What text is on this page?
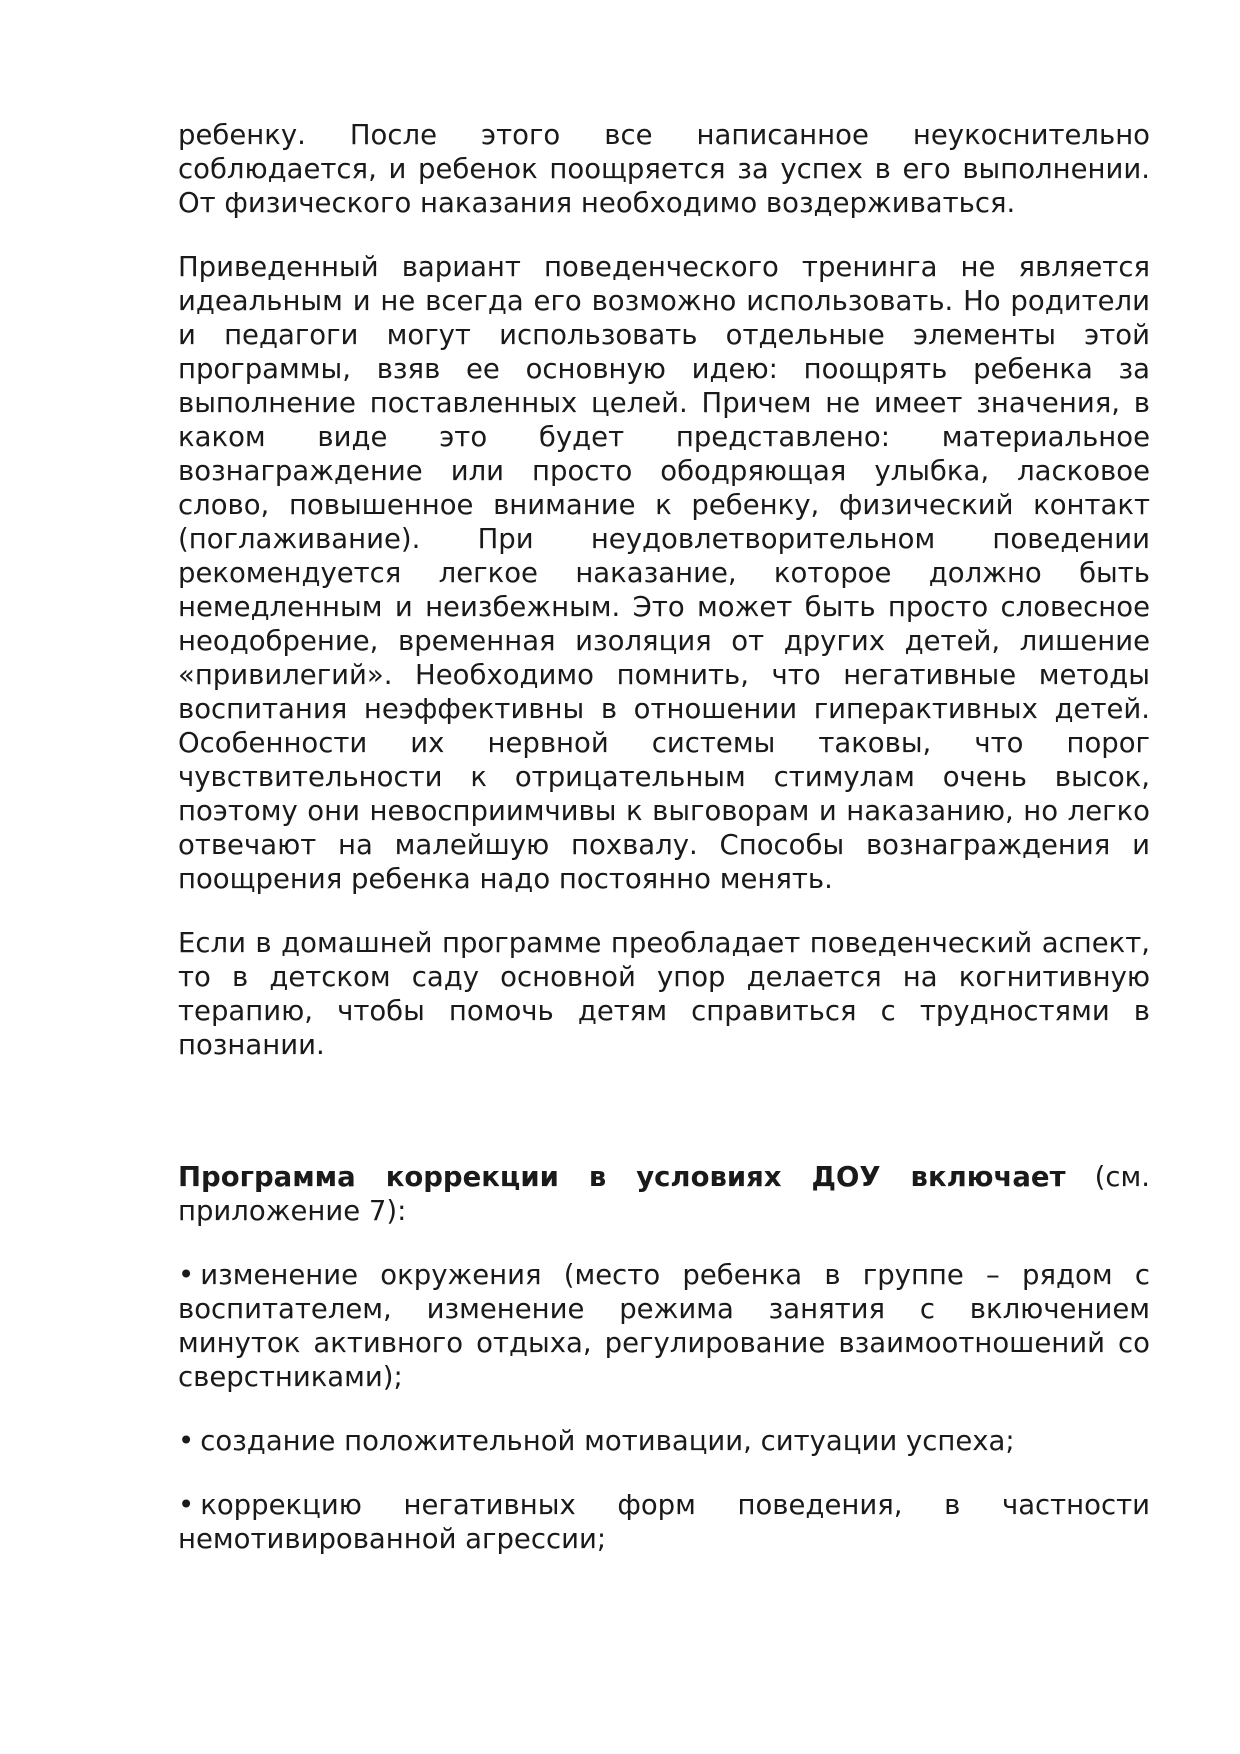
ребенку. После этого все написанное неукоснительно соблюдается, и ребенок поощряется за успех в его выполнении. От физического наказания необходимо воздерживаться.

Приведенный вариант поведенческого тренинга не является идеальным и не всегда его возможно использовать. Но родители и педагоги могут использовать отдельные элементы этой программы, взяв ее основную идею: поощрять ребенка за выполнение поставленных целей. Причем не имеет значения, в каком виде это будет представлено: материальное вознаграждение или просто ободряющая улыбка, ласковое слово, повышенное внимание к ребенку, физический контакт (поглаживание). При неудовлетворительном поведении рекомендуется легкое наказание, которое должно быть немедленным и неизбежным. Это может быть просто словесное неодобрение, временная изоляция от других детей, лишение «привилегий». Необходимо помнить, что негативные методы воспитания неэффективны в отношении гиперактивных детей. Особенности их нервной системы таковы, что порог чувствительности к отрицательным стимулам очень высок, поэтому они невосприимчивы к выговорам и наказанию, но легко отвечают на малейшую похвалу. Способы вознаграждения и поощрения ребенка надо постоянно менять.

Если в домашней программе преобладает поведенческий аспект, то в детском саду основной упор делается на когнитивную терапию, чтобы помочь детям справиться с трудностями в познании.

Программа коррекции в условиях ДОУ включает (см. приложение 7):

• изменение окружения (место ребенка в группе – рядом с воспитателем, изменение режима занятия с включением минуток активного отдыха, регулирование взаимоотношений со сверстниками);

• создание положительной мотивации, ситуации успеха;

• коррекцию негативных форм поведения, в частности немотивированной агрессии;
